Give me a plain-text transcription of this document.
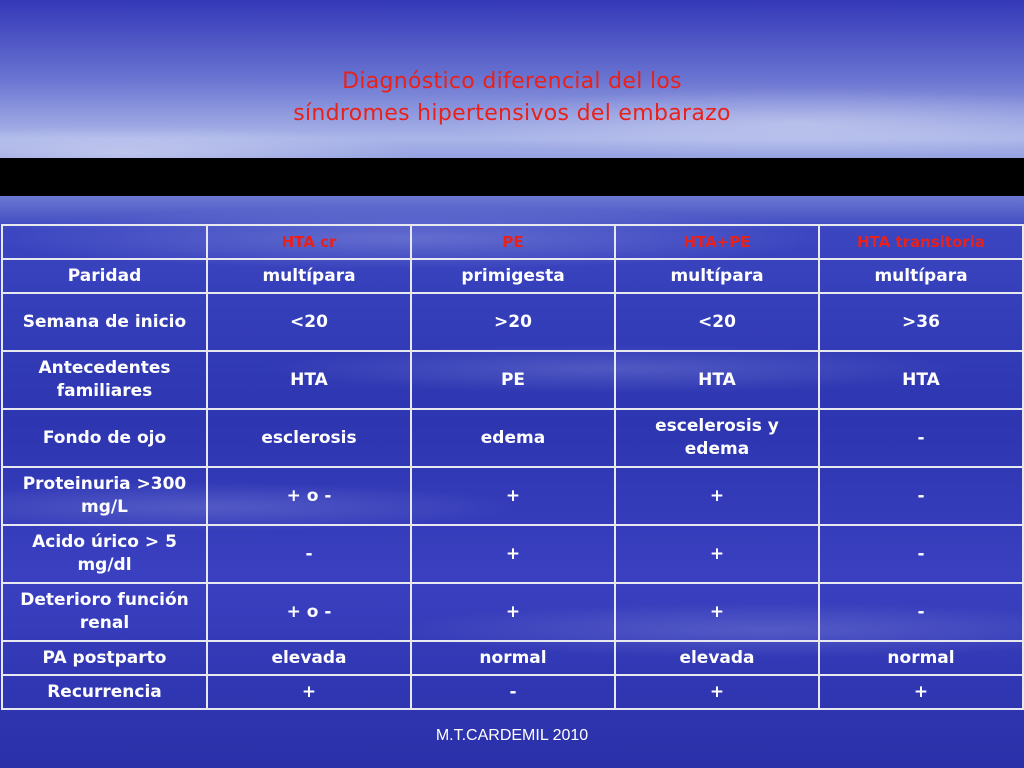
Diagnóstico diferencial del los
síndromes hipertensivos del embarazo
	HTA cr	PE	HTA+PE	HTA transitoria
Paridad	multípara	primigesta	multípara	multípara
Semana de inicio	<20	>20	<20	>36
Antecedentes familiares	HTA	PE	HTA	HTA
Fondo de ojo	esclerosis	edema	escelerosis y edema	-
Proteinuria >300 mg/L	+ o -	+	+	-
Acido úrico > 5 mg/dl	-	+	+	-
Deterioro función renal	+ o -	+	+	-
PA postparto	elevada	normal	elevada	normal
Recurrencia	+	-	+	+
M.T.CARDEMIL 2010
